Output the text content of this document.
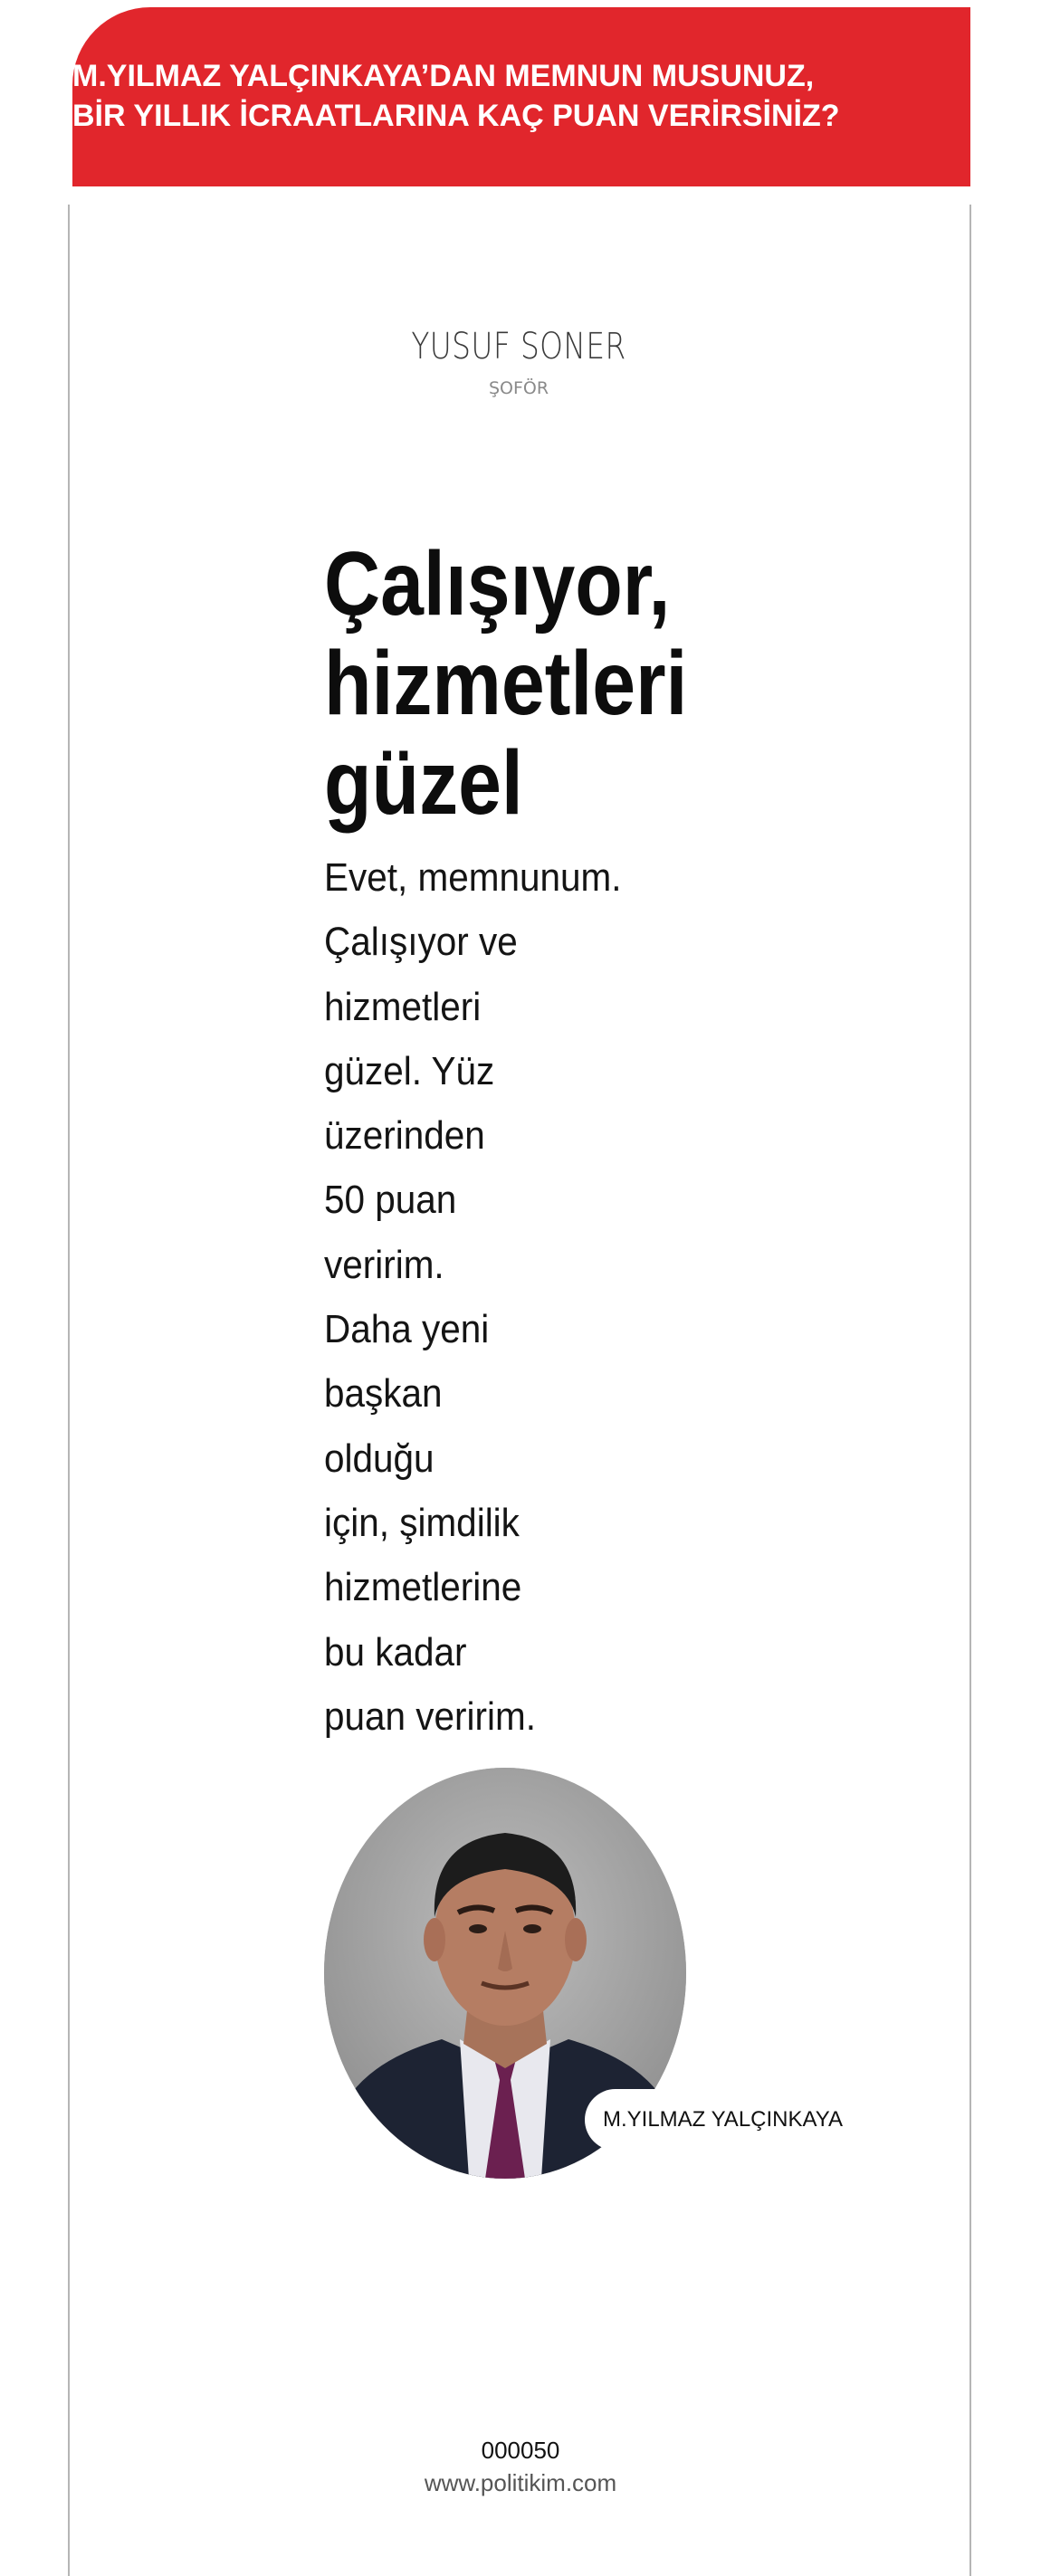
M.YILMAZ YALÇINKAYA’DAN MEMNUN MUSUNUZ,
BİR YILLIK İCRAATLARINA KAÇ PUAN VERİRSİNİZ?
YUSUF SONER
ŞOFÖR
Çalışıyor,
hizmetleri
güzel
Evet, memnunum.
Çalışıyor ve
hizmetleri
güzel. Yüz
üzerinden
50 puan
veririm.
Daha yeni
başkan
olduğu
için, şimdilik
hizmetlerine
bu kadar
puan veririm.
M.YILMAZ YALÇINKAYA
000050
www.politikim.com
